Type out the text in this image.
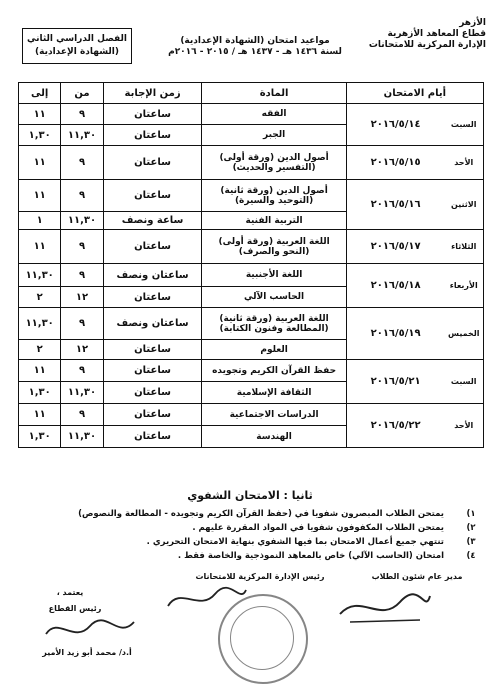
الأزهر
قطاع المعاهد الأزهرية
الإدارة المركزية للامتحانات
مواعيد امتحان (الشهادة الإعدادية)
لسنة ١٤٣٦ هـ - ١٤٣٧ هـ / ٢٠١٥ - ٢٠١٦م
الفصل الدراسي الثاني
(الشهادة الإعدادية)
أيام الامتحان		المادة	زمن الإجابة	من	إلى
السبت	٢٠١٦/٥/١٤	الفقه	ساعتان	٩	١١
		الجبر	ساعتان	١١,٣٠	١,٣٠
الأحد	٢٠١٦/٥/١٥	أصول الدين (ورقة أولى) (التفسير والحديث)	ساعتان	٩	١١
الاثنين	٢٠١٦/٥/١٦	أصول الدين (ورقة ثانية) (التوحيد والسيرة)	ساعتان	٩	١١
		التربية الفنية	ساعة ونصف	١١,٣٠	١
الثلاثاء	٢٠١٦/٥/١٧	اللغة العربية (ورقة أولى) (النحو والصرف)	ساعتان	٩	١١
الأربعاء	٢٠١٦/٥/١٨	اللغة الأجنبية	ساعتان ونصف	٩	١١,٣٠
		الحاسب الآلي	ساعتان	١٢	٢
الخميس	٢٠١٦/٥/١٩	اللغة العربية (ورقة ثانية) (المطالعة وفنون الكتابة)	ساعتان ونصف	٩	١١,٣٠
		العلوم	ساعتان	١٢	٢
السبت	٢٠١٦/٥/٢١	حفظ القرآن الكريم وتجويده	ساعتان	٩	١١
		الثقافة الإسلامية	ساعتان	١١,٣٠	١,٣٠
الأحد	٢٠١٦/٥/٢٢	الدراسات الاجتماعية	ساعتان	٩	١١
		الهندسة	ساعتان	١١,٣٠	١,٣٠
ثانيا : الامتحان الشفوي
١)
يمتحن الطلاب المبصرون شفويا في (حفظ القرآن الكريم وتجويده - المطالعة والنصوص)
٢)
يمتحن الطلاب المكفوفون شفويا في المواد المقررة عليهم .
٣)
تنتهي جميع أعمال الامتحان بما فيها الشفوي بنهاية الامتحان التحريري .
٤)
امتحان (الحاسب الآلي) خاص بالمعاهد النموذجية والخاصة فقط .
مدير عام شئون الطلاب
رئيس الإدارة المركزية للامتحانات
يعتمد ،
رئيس القطاع
أ.د/ محمد أبو زيد الأمير
